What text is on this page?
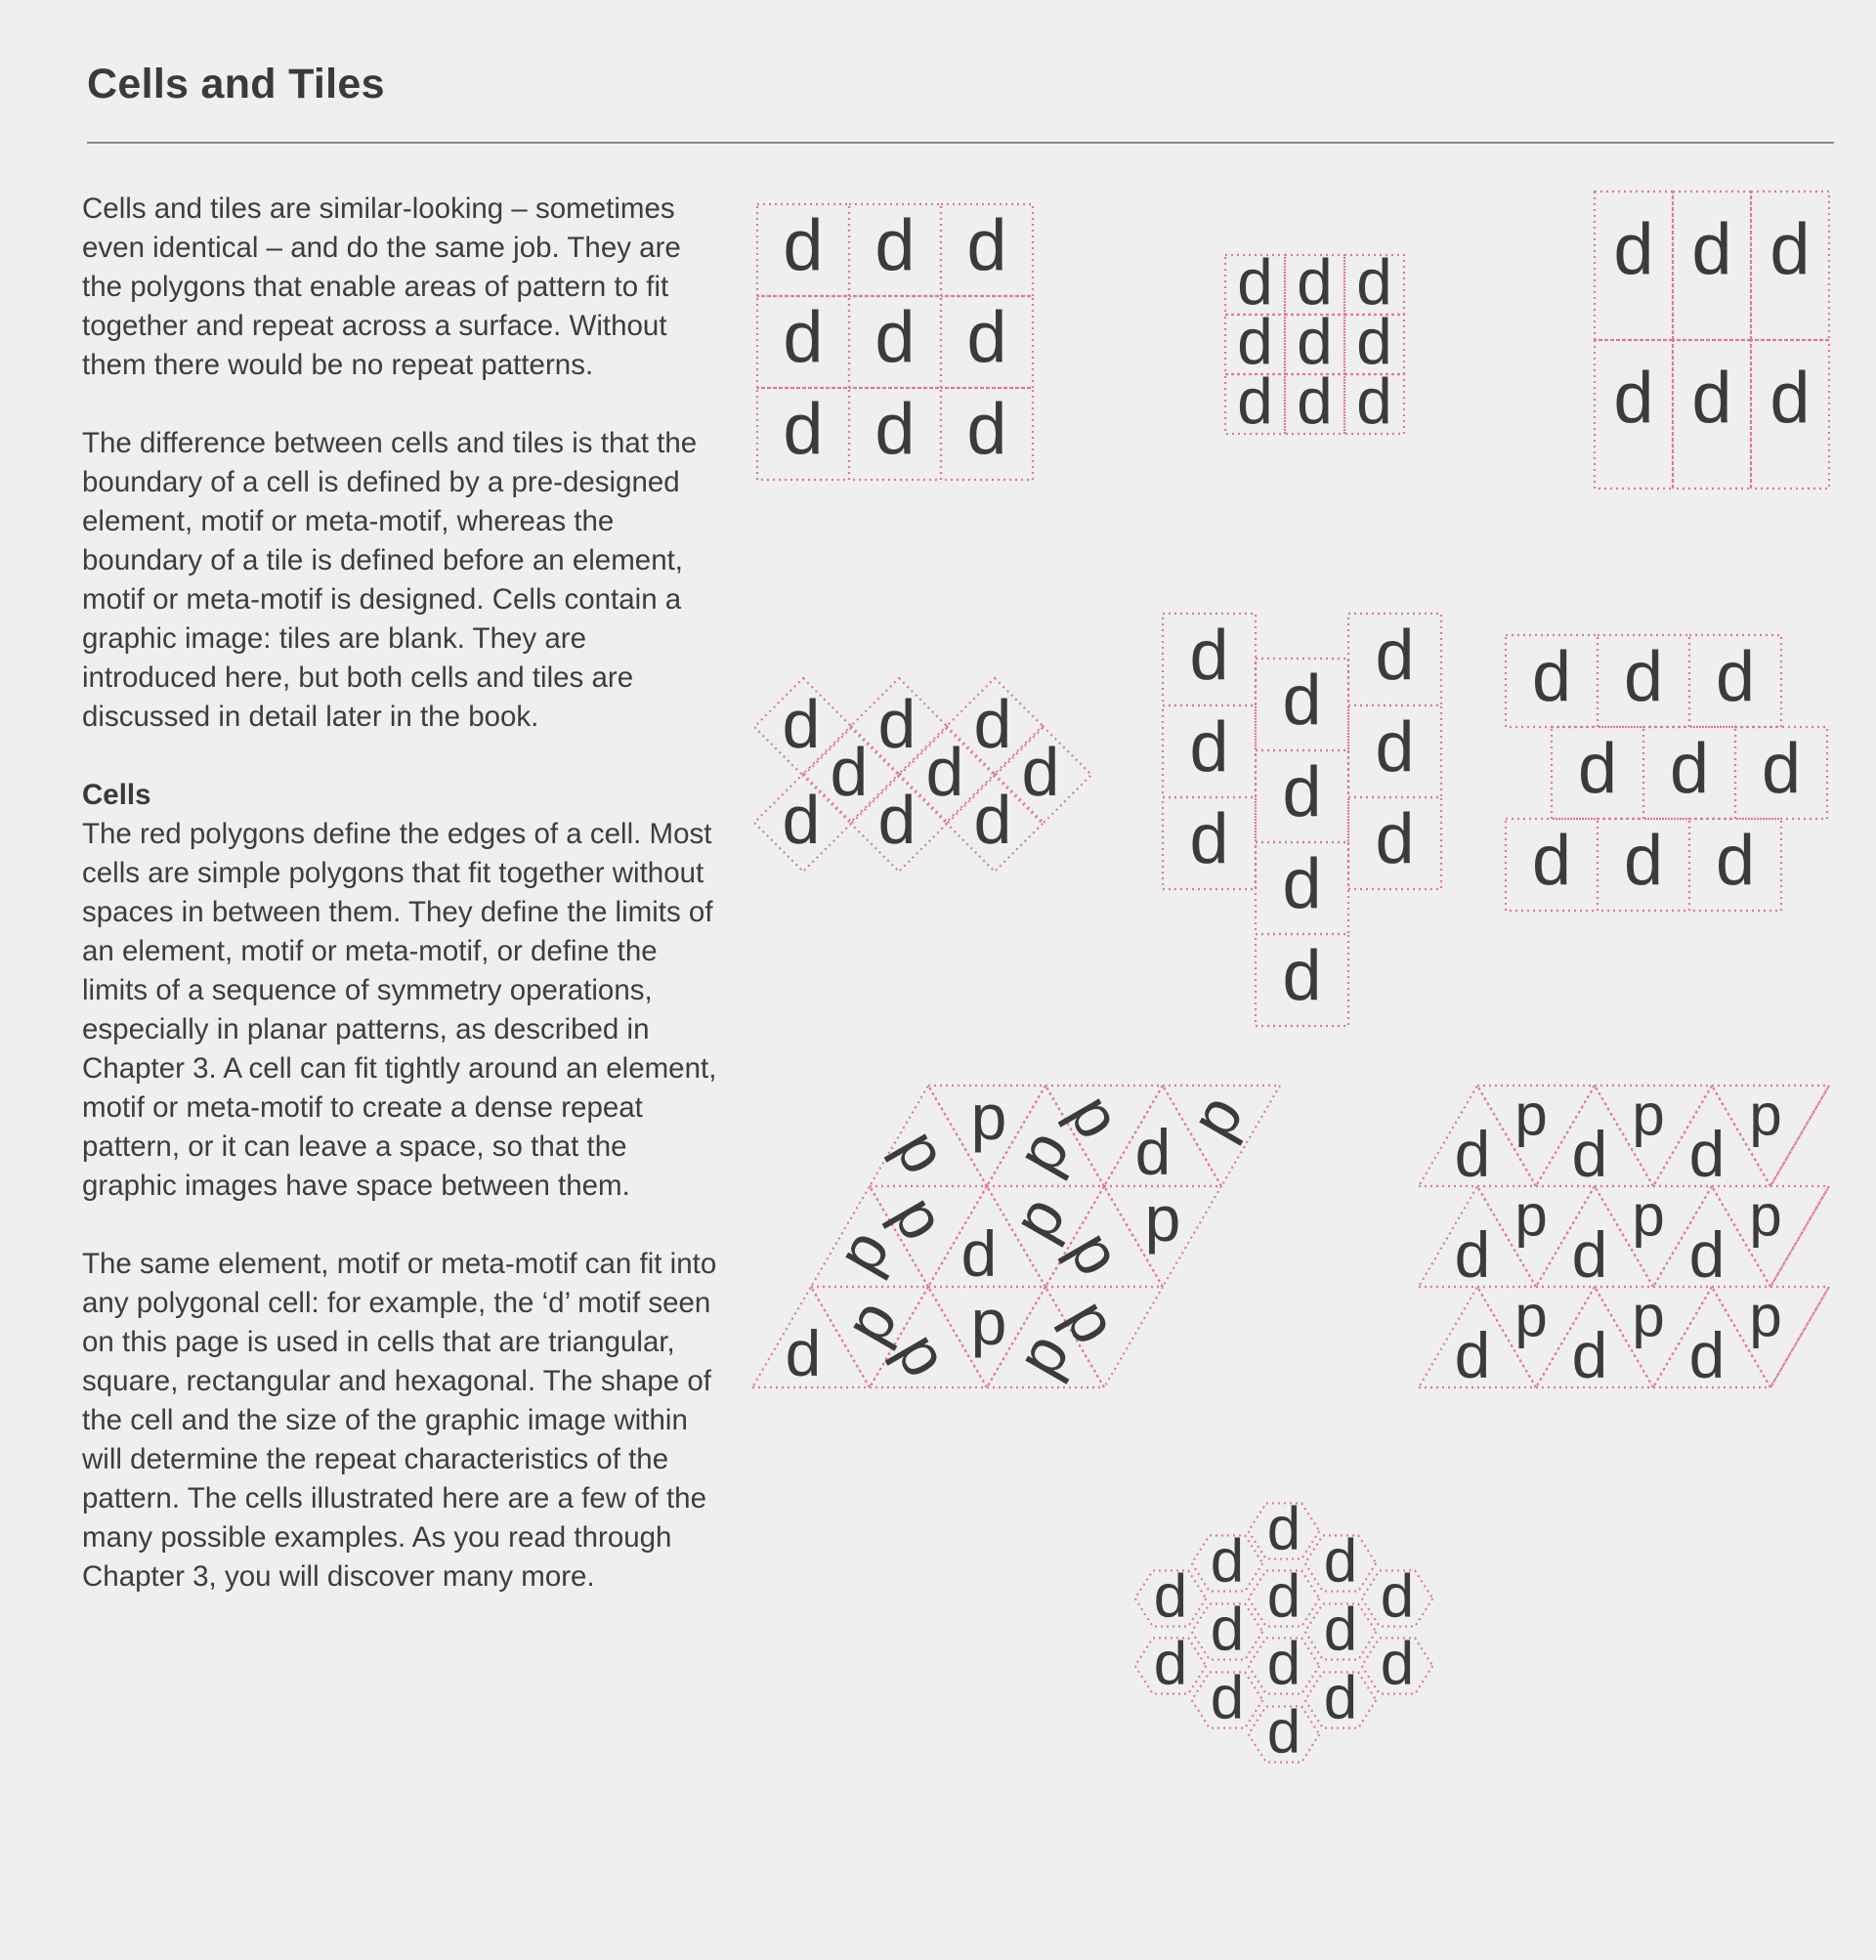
Cells and Tiles

Cells and tiles are similar-looking – sometimes even identical – and do the same job. They are the polygons that enable areas of pattern to fit together and repeat across a surface. Without them there would be no repeat patterns.

The difference between cells and tiles is that the boundary of a cell is defined by a pre-designed element, motif or meta-motif, whereas the boundary of a tile is defined before an element, motif or meta-motif is designed. Cells contain a graphic image: tiles are blank. They are introduced here, but both cells and tiles are discussed in detail later in the book.

Cells

The red polygons define the edges of a cell. Most cells are simple polygons that fit together without spaces in between them. They define the limits of an element, motif or meta-motif, or define the limits of a sequence of symmetry operations, especially in planar patterns, as described in Chapter 3. A cell can fit tightly around an element, motif or meta-motif to create a dense repeat pattern, or it can leave a space, so that the graphic images have space between them.

The same element, motif or meta-motif can fit into any polygonal cell: for example, the ‘d’ motif seen on this page is used in cells that are triangular, square, rectangular and hexagonal. The shape of the cell and the size of the graphic image within will determine the repeat characteristics of the pattern. The cells illustrated here are a few of the many possible examples. As you read through Chapter 3, you will discover many more.

d d d
d d d
d d d
d d d
d d d
d d d
d d d
d d d
d d d
d d d
d d d
d
d
d
d
d
d
d
d
d
d
d d d
d d d
d d d
d p
p p
p
p
p
p d p
p p
p p
p
p d p
d
p
d
p
d
p
d
p
d
p
d
p
d
p
d
p
d
p
d
d d
d d d
d d
d d d
d d
d
